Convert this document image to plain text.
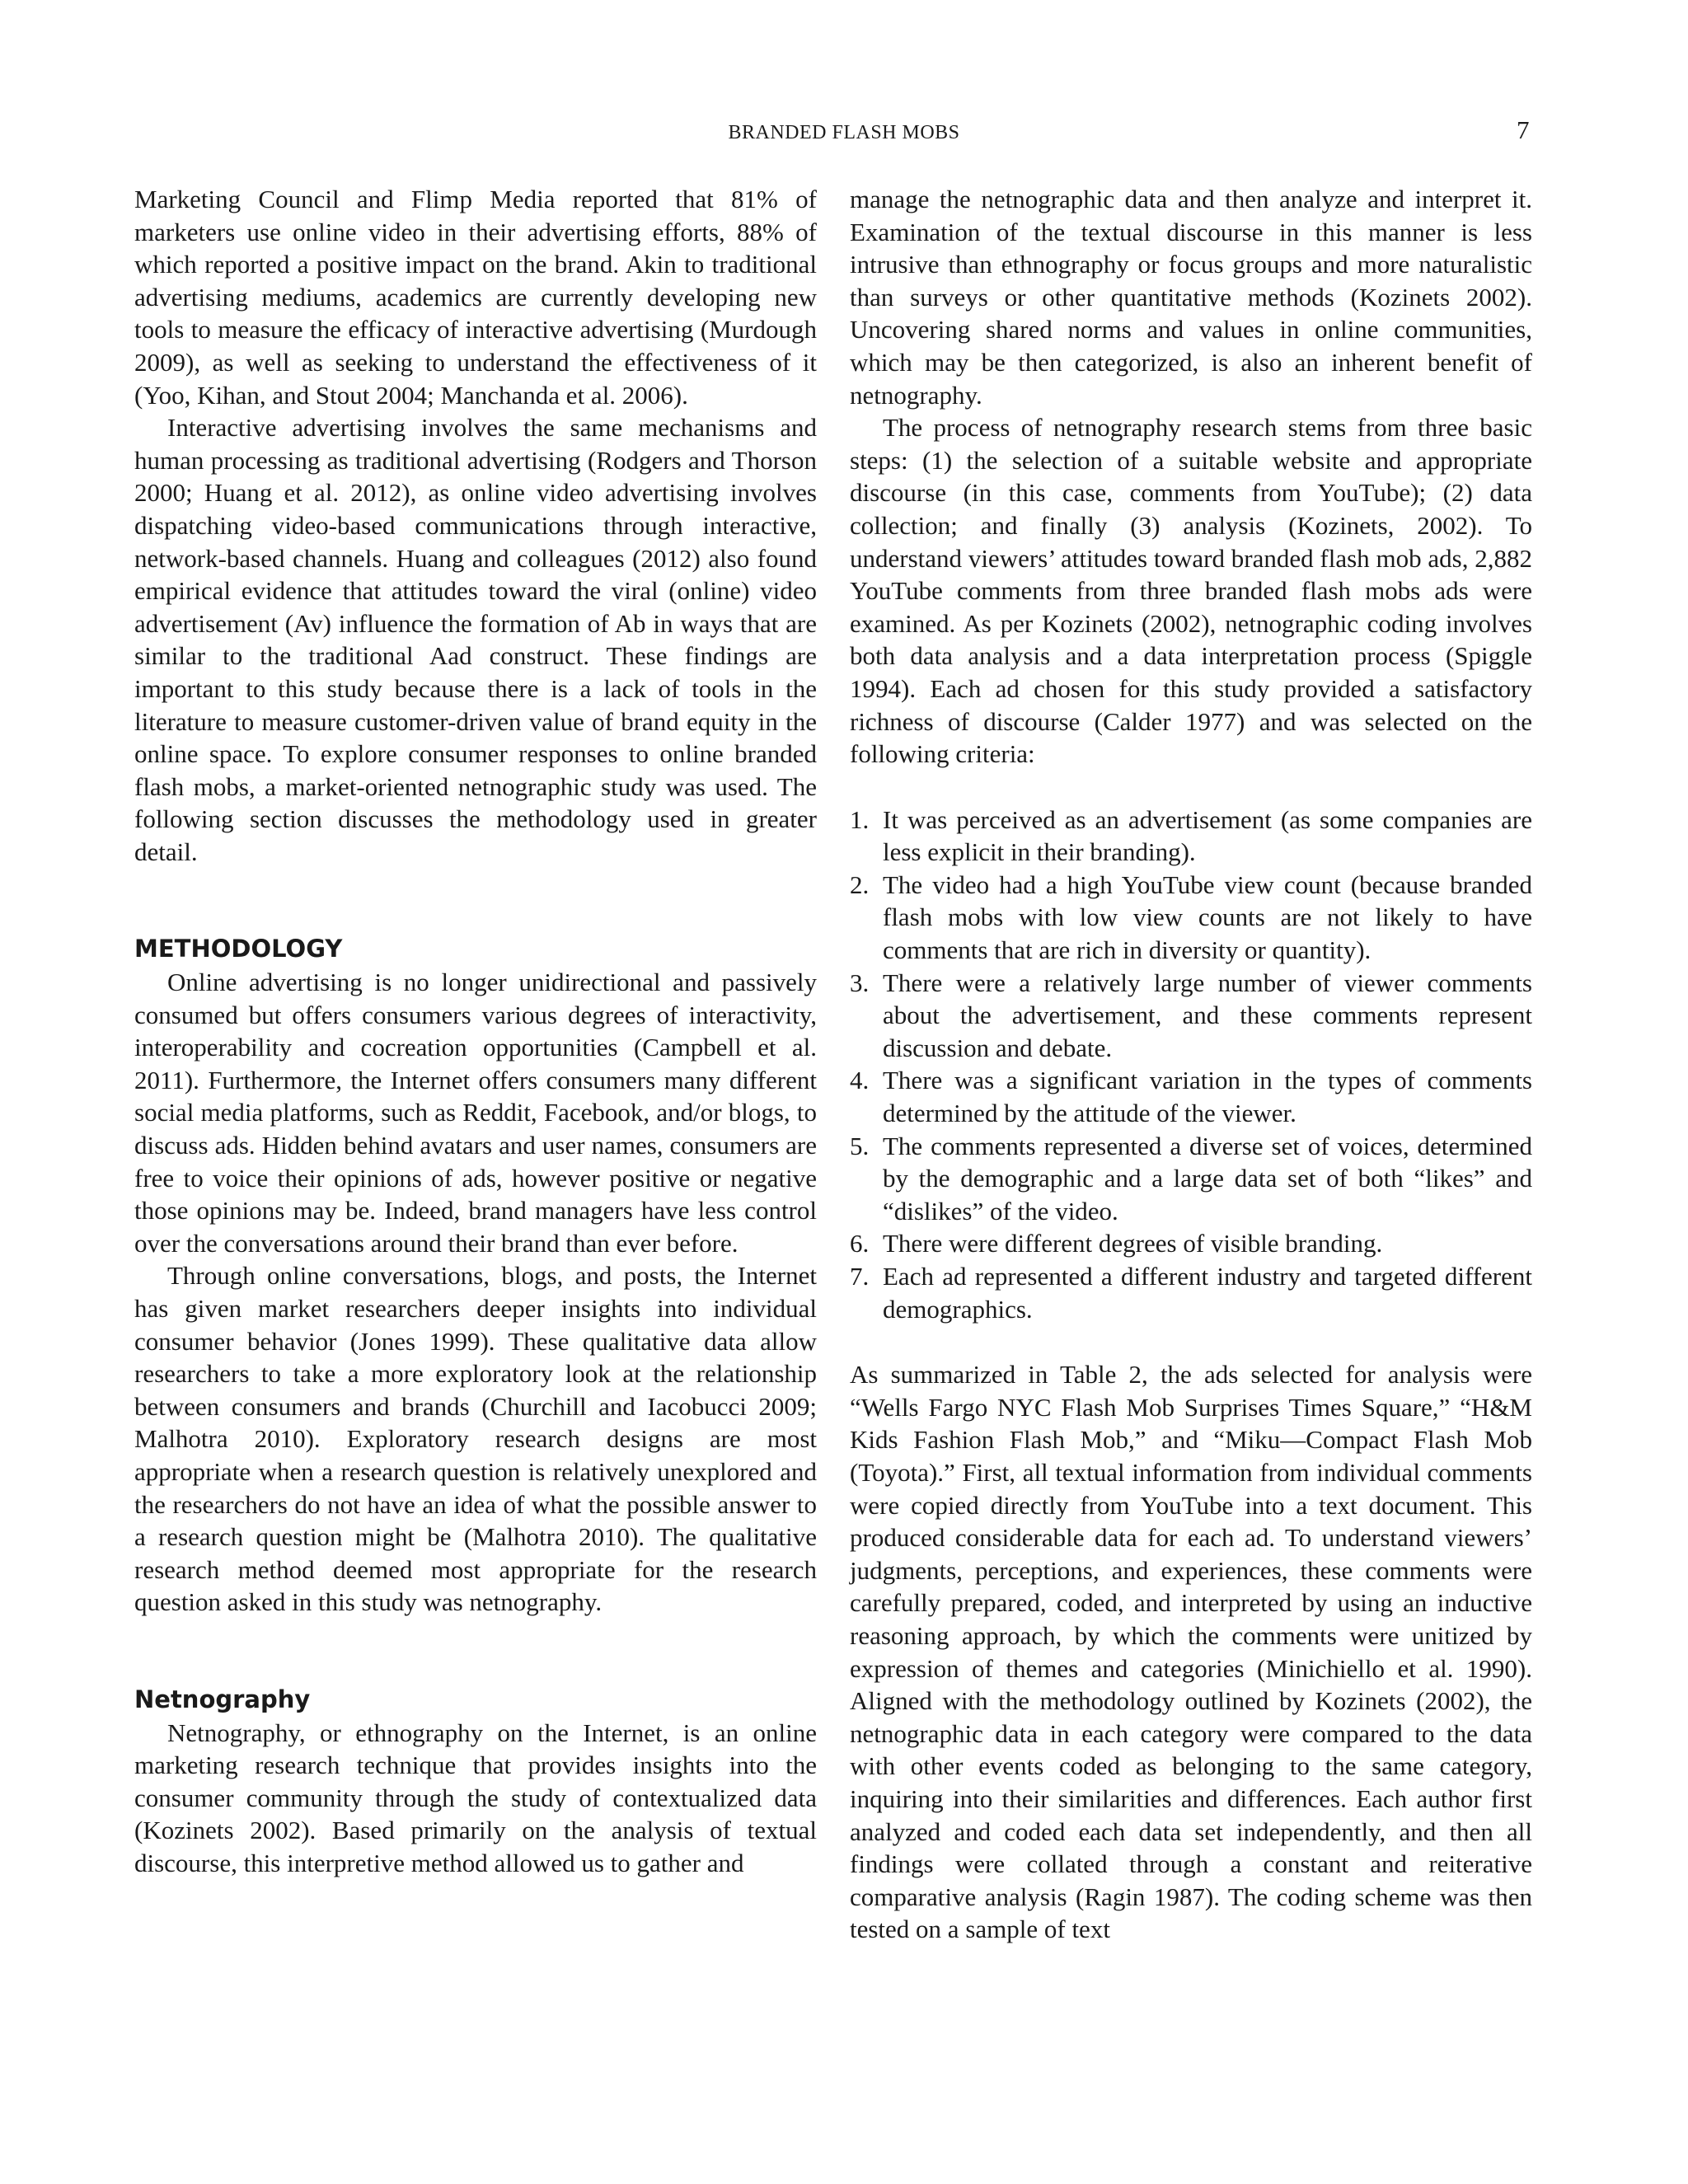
BRANDED FLASH MOBS	7

Marketing Council and Flimp Media reported that 81% of marketers use online video in their advertising efforts, 88% of which reported a positive impact on the brand. Akin to traditional advertising mediums, academics are currently developing new tools to measure the efficacy of interactive advertising (Murdough 2009), as well as seeking to understand the effectiveness of it (Yoo, Kihan, and Stout 2004; Manchanda et al. 2006).

Interactive advertising involves the same mechanisms and human processing as traditional advertising (Rodgers and Thorson 2000; Huang et al. 2012), as online video advertising involves dispatching video-based communications through interactive, network-based channels. Huang and colleagues (2012) also found empirical evidence that attitudes toward the viral (online) video advertisement (Av) influence the formation of Ab in ways that are similar to the traditional Aad construct. These findings are important to this study because there is a lack of tools in the literature to measure customer-driven value of brand equity in the online space. To explore consumer responses to online branded flash mobs, a market-oriented netnographic study was used. The following section discusses the methodology used in greater detail.

METHODOLOGY

Online advertising is no longer unidirectional and passively consumed but offers consumers various degrees of interactivity, interoperability and cocreation opportunities (Campbell et al. 2011). Furthermore, the Internet offers consumers many different social media platforms, such as Reddit, Facebook, and/or blogs, to discuss ads. Hidden behind avatars and user names, consumers are free to voice their opinions of ads, however positive or negative those opinions may be. Indeed, brand managers have less control over the conversations around their brand than ever before.

Through online conversations, blogs, and posts, the Internet has given market researchers deeper insights into individual consumer behavior (Jones 1999). These qualitative data allow researchers to take a more exploratory look at the relationship between consumers and brands (Churchill and Iacobucci 2009; Malhotra 2010). Exploratory research designs are most appropriate when a research question is relatively unexplored and the researchers do not have an idea of what the possible answer to a research question might be (Malhotra 2010). The qualitative research method deemed most appropriate for the research question asked in this study was netnography.

Netnography

Netnography, or ethnography on the Internet, is an online marketing research technique that provides insights into the consumer community through the study of contextualized data (Kozinets 2002). Based primarily on the analysis of textual discourse, this interpretive method allowed us to gather and

manage the netnographic data and then analyze and interpret it. Examination of the textual discourse in this manner is less intrusive than ethnography or focus groups and more naturalistic than surveys or other quantitative methods (Kozinets 2002). Uncovering shared norms and values in online communities, which may be then categorized, is also an inherent benefit of netnography.

The process of netnography research stems from three basic steps: (1) the selection of a suitable website and appropriate discourse (in this case, comments from YouTube); (2) data collection; and finally (3) analysis (Kozinets, 2002). To understand viewers’ attitudes toward branded flash mob ads, 2,882 YouTube comments from three branded flash mobs ads were examined. As per Kozinets (2002), netnographic coding involves both data analysis and a data interpretation process (Spiggle 1994). Each ad chosen for this study provided a satisfactory richness of discourse (Calder 1977) and was selected on the following criteria:

1. It was perceived as an advertisement (as some companies are less explicit in their branding).
2. The video had a high YouTube view count (because branded flash mobs with low view counts are not likely to have comments that are rich in diversity or quantity).
3. There were a relatively large number of viewer comments about the advertisement, and these comments represent discussion and debate.
4. There was a significant variation in the types of comments determined by the attitude of the viewer.
5. The comments represented a diverse set of voices, determined by the demographic and a large data set of both “likes” and “dislikes” of the video.
6. There were different degrees of visible branding.
7. Each ad represented a different industry and targeted different demographics.

As summarized in Table 2, the ads selected for analysis were “Wells Fargo NYC Flash Mob Surprises Times Square,” “H&M Kids Fashion Flash Mob,” and “Miku—Compact Flash Mob (Toyota).” First, all textual information from individual comments were copied directly from YouTube into a text document. This produced considerable data for each ad. To understand viewers’ judgments, perceptions, and experiences, these comments were carefully prepared, coded, and interpreted by using an inductive reasoning approach, by which the comments were unitized by expression of themes and categories (Minichiello et al. 1990). Aligned with the methodology outlined by Kozinets (2002), the netnographic data in each category were compared to the data with other events coded as belonging to the same category, inquiring into their similarities and differences. Each author first analyzed and coded each data set independently, and then all findings were collated through a constant and reiterative comparative analysis (Ragin 1987). The coding scheme was then tested on a sample of text
